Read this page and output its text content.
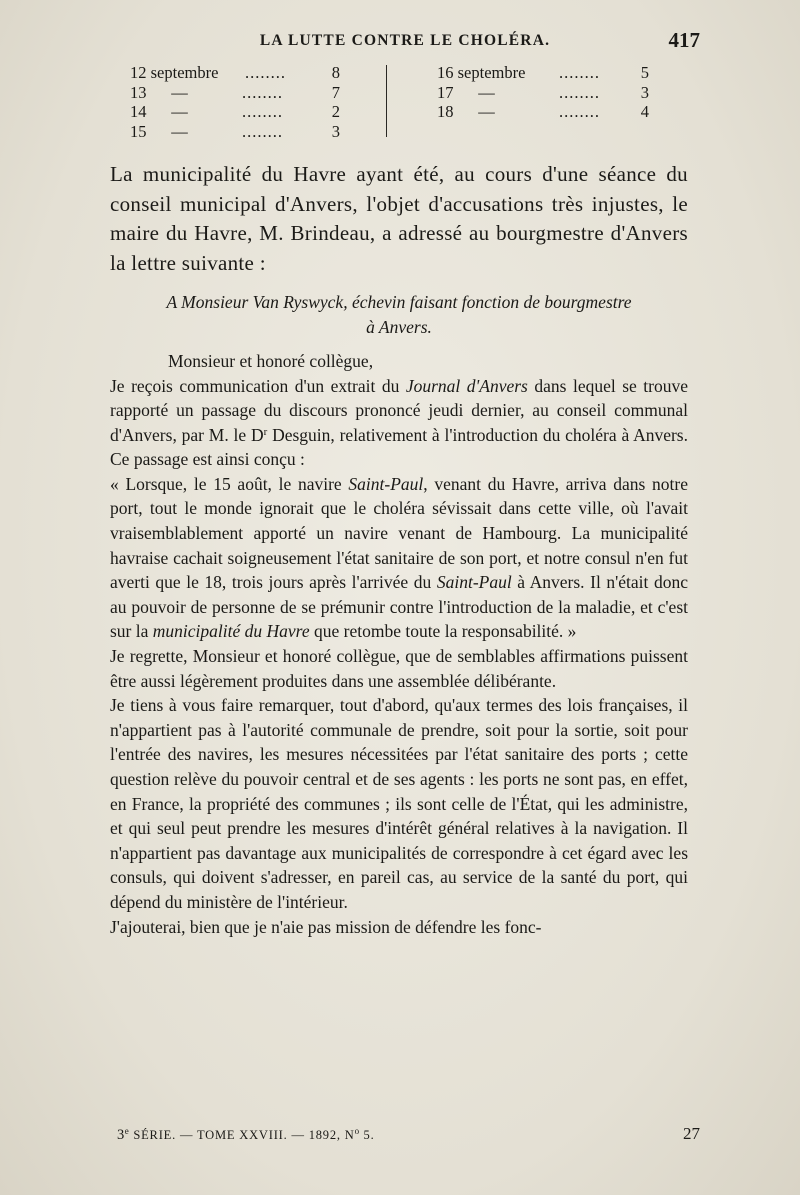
LA LUTTE CONTRE LE CHOLÉRA.	417
12 septembre ........	8
13      —	........	7
14      —	........	2
15      —	........	3
16 septembre ........ 5
17      —	........ 3
18      —	........ 4

La municipalité du Havre ayant été, au cours d'une séance du conseil municipal d'Anvers, l'objet d'accusations très injustes, le maire du Havre, M. Brindeau, a adressé au bourgmestre d'Anvers la lettre suivante :

A Monsieur Van Ryswyck, échevin faisant fonction de bourgmestre
à Anvers.

Monsieur et honoré collègue,

Je reçois communication d'un extrait du Journal d'Anvers dans lequel se trouve rapporté un passage du discours prononcé jeudi dernier, au conseil communal d'Anvers, par M. le $D^r$ Desguin, relativement à l'introduction du choléra à Anvers. Ce passage est ainsi conçu :

« Lorsque, le 15 août, le navire Saint-Paul, venant du Havre, arriva dans notre port, tout le monde ignorait que le choléra sévissait dans cette ville, où l'avait vraisemblablement apporté un navire venant de Hambourg. La municipalité havraise cachait soigneusement l'état sanitaire de son port, et notre consul n'en fut averti que le 18, trois jours après l'arrivée du Saint-Paul à Anvers. Il n'était donc au pouvoir de personne de se prémunir contre l'introduction de la maladie, et c'est sur la municipalité du Havre que retombe toute la responsabilité. »

Je regrette, Monsieur et honoré collègue, que de semblables affirmations puissent être aussi légèrement produites dans une assemblée délibérante.

Je tiens à vous faire remarquer, tout d'abord, qu'aux termes des lois françaises, il n'appartient pas à l'autorité communale de prendre, soit pour la sortie, soit pour l'entrée des navires, les mesures nécessitées par l'état sanitaire des ports ; cette question relève du pouvoir central et de ses agents : les ports ne sont pas, en effet, en France, la propriété des communes ; ils sont celle de l'État, qui les administre, et qui seul peut prendre les mesures d'intérêt général relatives à la navigation. Il n'appartient pas davantage aux municipalités de correspondre à cet égard avec les consuls, qui doivent s'adresser, en pareil cas, au service de la santé du port, qui dépend du ministère de l'intérieur.

J'ajouterai, bien que je n'aie pas mission de défendre les fonc-

3e SÉRIE. — TOME XXVIII. — 1892, $N^o$ 5.	27
